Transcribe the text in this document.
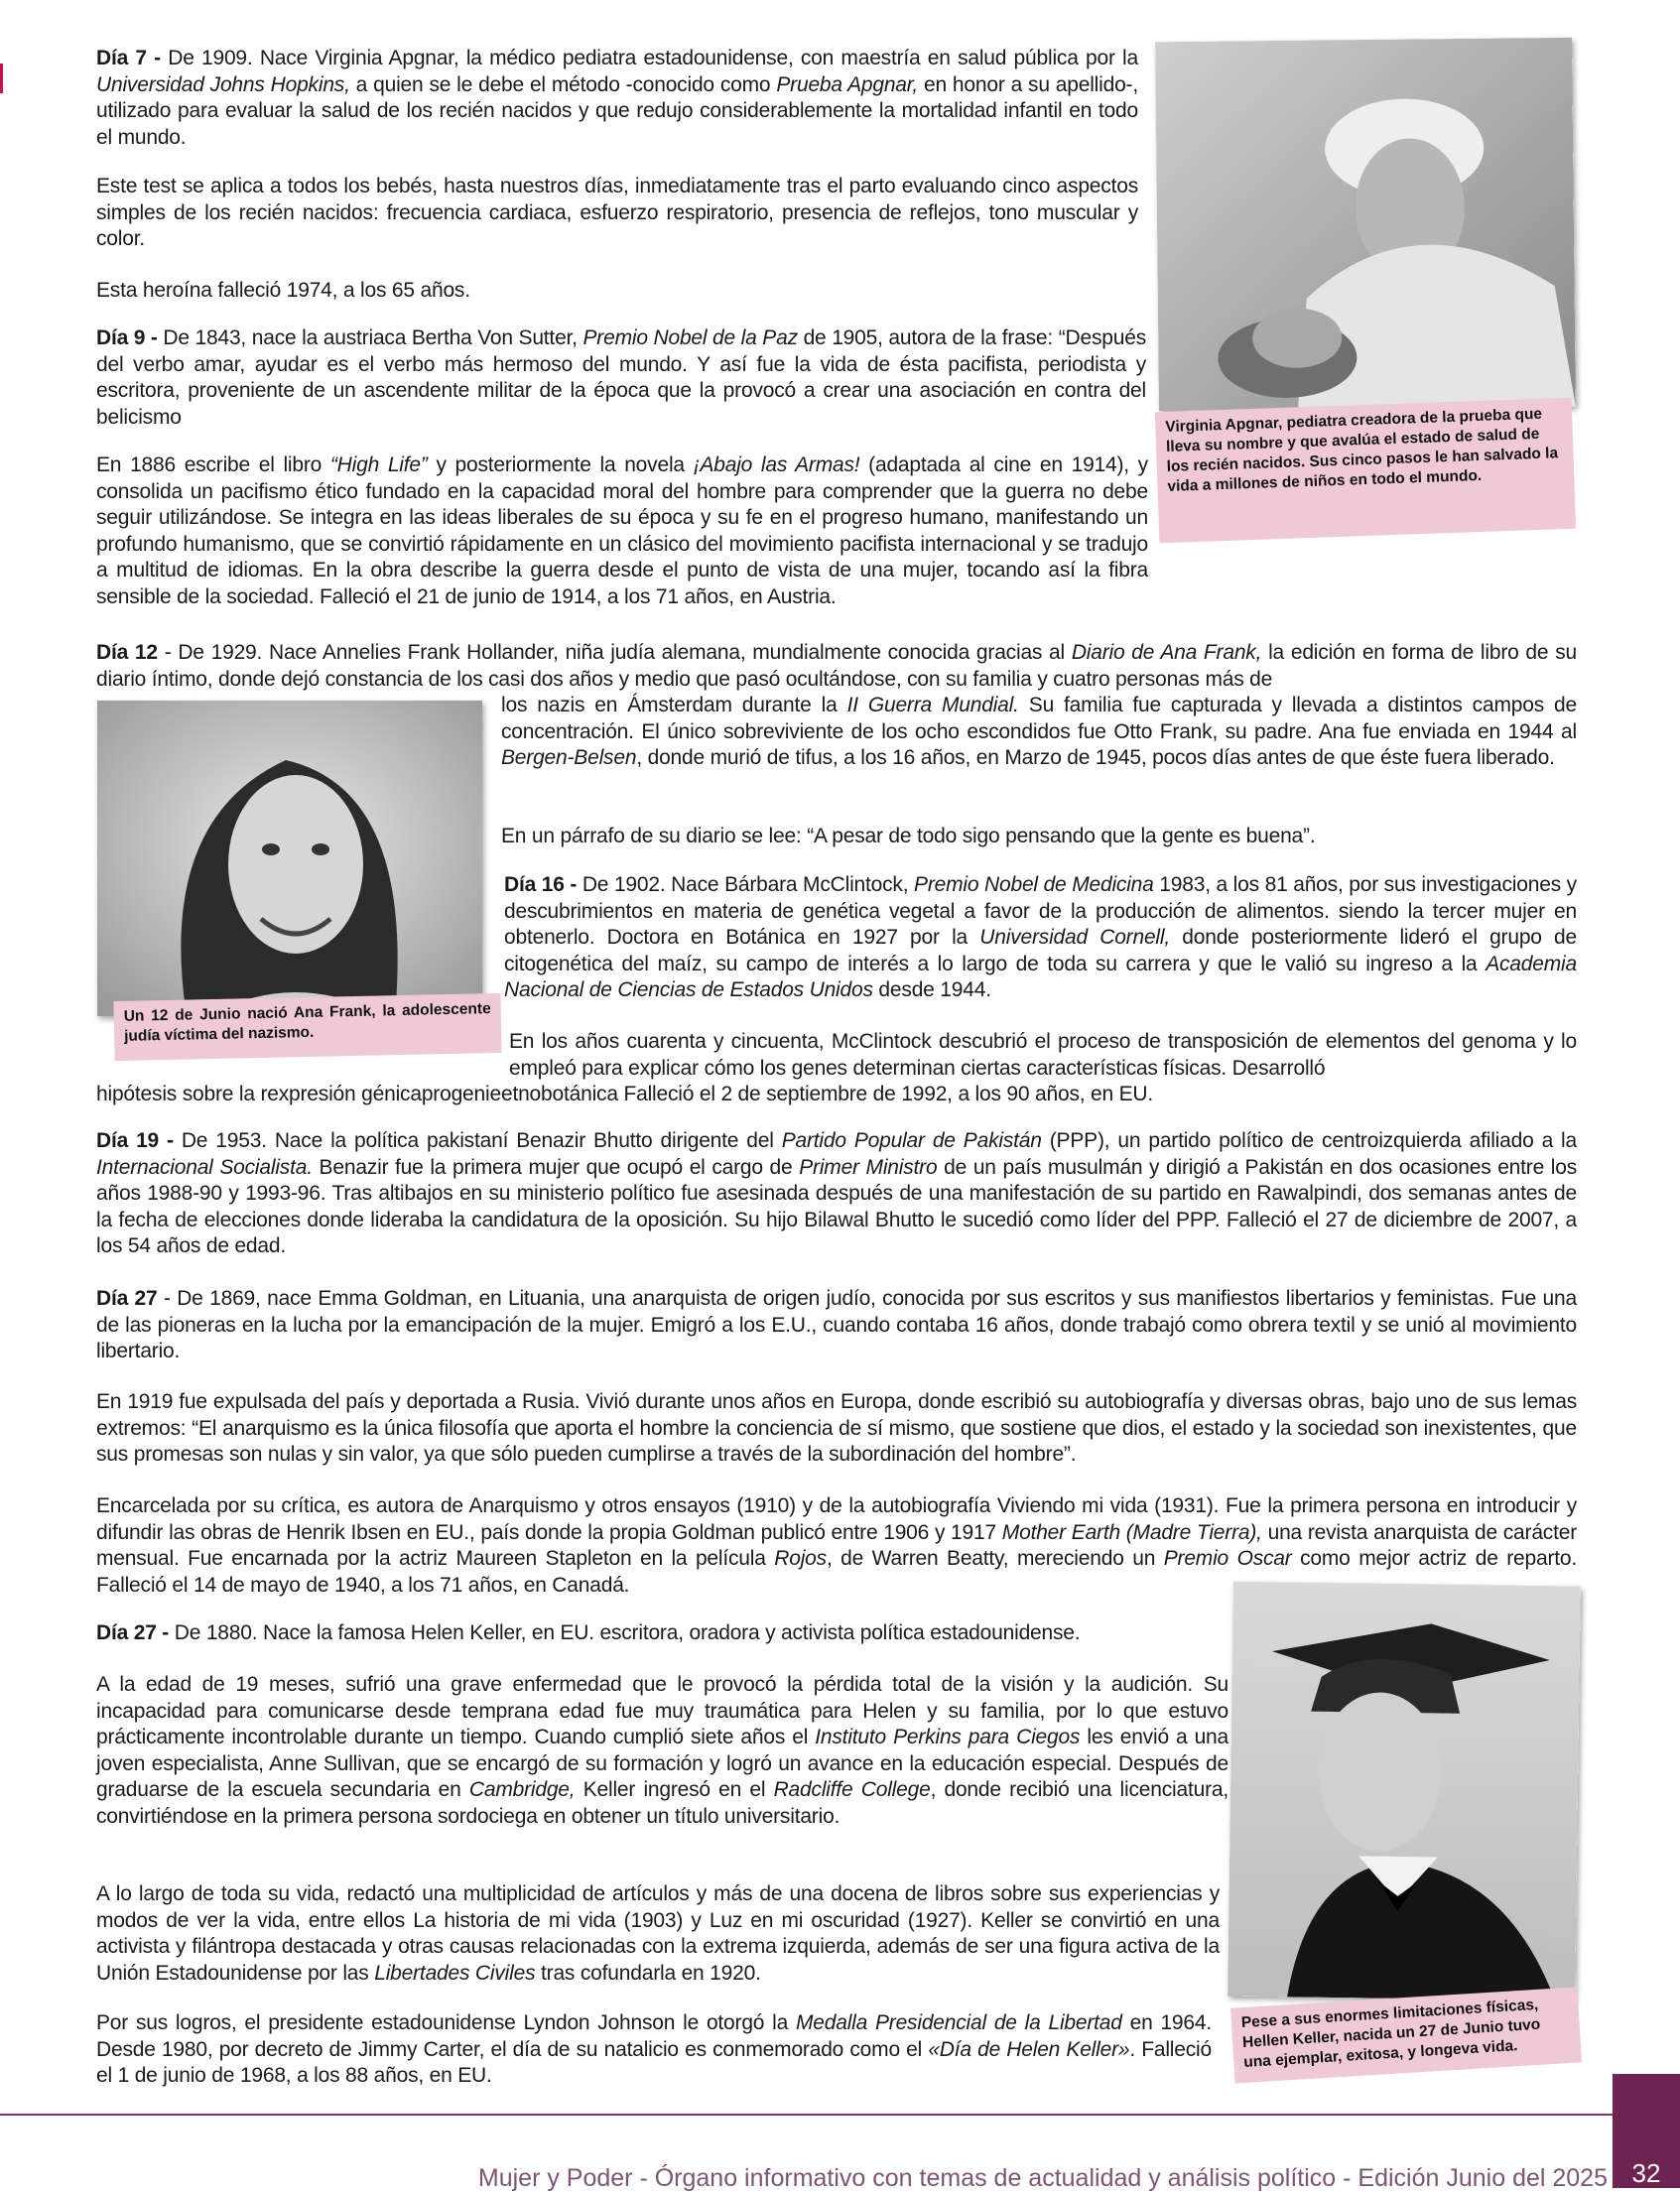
Día 7 - De 1909. Nace Virginia Apgnar, la médico pediatra estadounidense, con maestría en salud pública por la Universidad Johns Hopkins, a quien se le debe el método -conocido como Prueba Apgnar, en honor a su apellido-, utilizado para evaluar la salud de los recién nacidos y que redujo considerablemente la mortalidad infantil en todo el mundo.

Este test se aplica a todos los bebés, hasta nuestros días, inmediatamente tras el parto evaluando cinco aspectos simples de los recién nacidos: frecuencia cardiaca, esfuerzo respiratorio, presencia de reflejos, tono muscular y color.

Esta heroína falleció 1974, a los 65 años.

Día 9 - De 1843, nace la austriaca Bertha Von Sutter, Premio Nobel de la Paz de 1905, autora de la frase: “Después del verbo amar, ayudar es el verbo más hermoso del mundo. Y así fue la vida de ésta pacifista, periodista y escritora, proveniente de un ascendente militar de la época que la provocó a crear una asociación en contra del belicismo

En 1886 escribe el libro “High Life” y posteriormente la novela ¡Abajo las Armas! (adaptada al cine en 1914), y consolida un pacifismo ético fundado en la capacidad moral del hombre para comprender que la guerra no debe seguir utilizándose. Se integra en las ideas liberales de su época y su fe en el progreso humano, manifestando un profundo humanismo, que se convirtió rápidamente en un clásico del movimiento pacifista internacional y se tradujo a multitud de idiomas. En la obra describe la guerra desde el punto de vista de una mujer, tocando así la fibra sensible de la sociedad. Falleció el 21 de junio de 1914, a los 71 años, en Austria.

Virginia Apgnar, pediatra creadora de la prueba que lleva su nombre y que avalúa el estado de salud de los recién nacidos. Sus cinco pasos le han salvado la vida a millones de niños en todo el mundo.

Día 12 - De 1929. Nace Annelies Frank Hollander, niña judía alemana, mundialmente conocida gracias al Diario de Ana Frank, la edición en forma de libro de su diario íntimo, donde dejó constancia de los casi dos años y medio que pasó ocultándose, con su familia y cuatro personas más de

los nazis en Ámsterdam durante la II Guerra Mundial. Su familia fue capturada y llevada a distintos campos de concentración. El único sobreviviente de los ocho escondidos fue Otto Frank, su padre. Ana fue enviada en 1944 al Bergen-Belsen, donde murió de tifus, a los 16 años, en Marzo de 1945, pocos días antes de que éste fuera liberado.

En un párrafo de su diario se lee: “A pesar de todo sigo pensando que la gente es buena”.

Un 12 de Junio nació Ana Frank, la adolescente judía víctima del nazismo.

Día 16 - De 1902. Nace Bárbara McClintock, Premio Nobel de Medicina 1983, a los 81 años, por sus investigaciones y descubrimientos en materia de genética vegetal a favor de la producción de alimentos. siendo la tercer mujer en obtenerlo. Doctora en Botánica en 1927 por la Universidad Cornell, donde posteriormente lideró el grupo de citogenética del maíz, su campo de interés a lo largo de toda su carrera y que le valió su ingreso a la Academia Nacional de Ciencias de Estados Unidos desde 1944.

En los años cuarenta y cincuenta, McClintock descubrió el proceso de transposición de elementos del genoma y lo empleó para explicar cómo los genes determinan ciertas características físicas. Desarrolló

hipótesis sobre la rexpresión génicaprogenieetnobotánica Falleció el 2 de septiembre de 1992, a los 90 años, en EU.

Día 19 - De 1953. Nace la política pakistaní Benazir Bhutto dirigente del Partido Popular de Pakistán (PPP), un partido político de centroizquierda afiliado a la Internacional Socialista. Benazir fue la primera mujer que ocupó el cargo de Primer Ministro de un país musulmán y dirigió a Pakistán en dos ocasiones entre los años 1988-90 y 1993-96. Tras altibajos en su ministerio político fue asesinada después de una manifestación de su partido en Rawalpindi, dos semanas antes de la fecha de elecciones donde lideraba la candidatura de la oposición. Su hijo Bilawal Bhutto le sucedió como líder del PPP. Falleció el 27 de diciembre de 2007, a los 54 años de edad.

Día 27 - De 1869, nace Emma Goldman, en Lituania, una anarquista de origen judío, conocida por sus escritos y sus manifiestos libertarios y feministas. Fue una de las pioneras en la lucha por la emancipación de la mujer. Emigró a los E.U., cuando contaba 16 años, donde trabajó como obrera textil y se unió al movimiento libertario.

En 1919 fue expulsada del país y deportada a Rusia. Vivió durante unos años en Europa, donde escribió su autobiografía y diversas obras, bajo uno de sus lemas extremos: “El anarquismo es la única filosofía que aporta el hombre la conciencia de sí mismo, que sostiene que dios, el estado y la sociedad son inexistentes, que sus promesas son nulas y sin valor, ya que sólo pueden cumplirse a través de la subordinación del hombre”.

Encarcelada por su crítica, es autora de Anarquismo y otros ensayos (1910) y de la autobiografía Viviendo mi vida (1931). Fue la primera persona en introducir y difundir las obras de Henrik Ibsen en EU., país donde la propia Goldman publicó entre 1906 y 1917 Mother Earth (Madre Tierra), una revista anarquista de carácter mensual. Fue encarnada por la actriz Maureen Stapleton en la película Rojos, de Warren Beatty, mereciendo un Premio Oscar como mejor actriz de reparto. Falleció el 14 de mayo de 1940, a los 71 años, en Canadá.

Día 27 - De 1880. Nace la famosa Helen Keller, en EU. escritora, oradora y activista política estadounidense.

A la edad de 19 meses, sufrió una grave enfermedad que le provocó la pérdida total de la visión y la audición. Su incapacidad para comunicarse desde temprana edad fue muy traumática para Helen y su familia, por lo que estuvo prácticamente incontrolable durante un tiempo. Cuando cumplió siete años el Instituto Perkins para Ciegos les envió a una joven especialista, Anne Sullivan, que se encargó de su formación y logró un avance en la educación especial. Después de graduarse de la escuela secundaria en Cambridge, Keller ingresó en el Radcliffe College, donde recibió una licenciatura, convirtiéndose en la primera persona sordociega en obtener un título universitario.

A lo largo de toda su vida, redactó una multiplicidad de artículos y más de una docena de libros sobre sus experiencias y modos de ver la vida, entre ellos La historia de mi vida (1903) y Luz en mi oscuridad (1927). Keller se convirtió en una activista y filántropa destacada y otras causas relacionadas con la extrema izquierda, además de ser una figura activa de la Unión Estadounidense por las Libertades Civiles tras cofundarla en 1920.

Por sus logros, el presidente estadounidense Lyndon Johnson le otorgó la Medalla Presidencial de la Libertad en 1964. Desde 1980, por decreto de Jimmy Carter, el día de su natalicio es conmemorado como el «Día de Helen Keller». Falleció el 1 de junio de 1968, a los 88 años, en EU.

Pese a sus enormes limitaciones físicas, Hellen Keller, nacida un 27 de Junio tuvo una ejemplar, exitosa, y longeva vida.
Mujer y Poder - Órgano informativo con temas de actualidad y análisis político - Edición Junio del 2025 32
